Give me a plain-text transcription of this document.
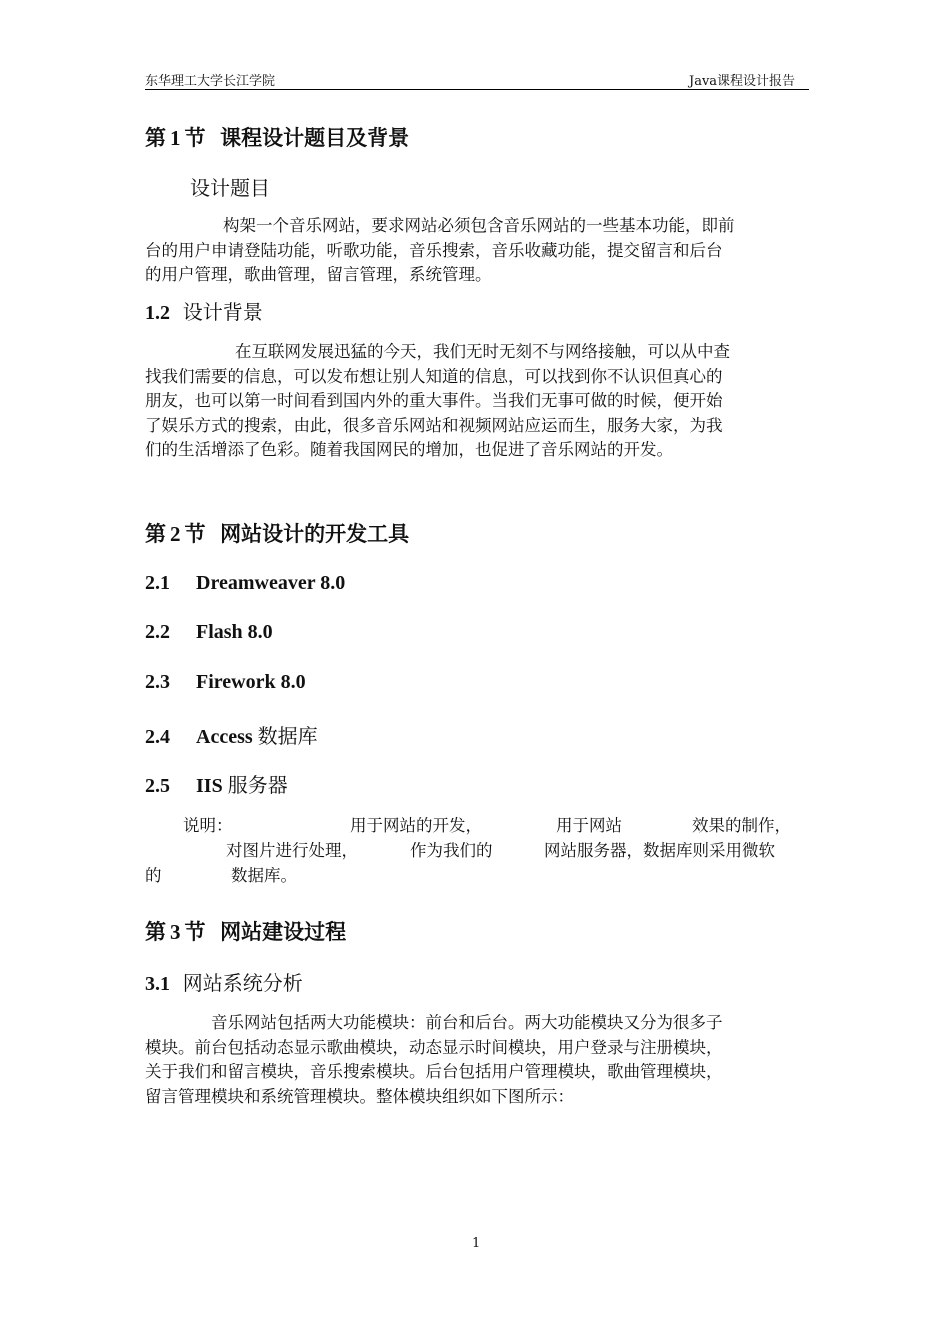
东华理工大学长江学院	Java课程设计报告
第 1 节 课程设计题目及背景
设计题目
构架一个音乐网站，要求网站必须包含音乐网站的一些基本功能，即前
台的用户申请登陆功能，听歌功能，音乐搜索，音乐收藏功能，提交留言和后台
的用户管理，歌曲管理，留言管理，系统管理。
1.2 设计背景
在互联网发展迅猛的今天，我们无时无刻不与网络接触，可以从中查
找我们需要的信息，可以发布想让别人知道的信息，可以找到你不认识但真心的
朋友，也可以第一时间看到国内外的重大事件。当我们无事可做的时候，便开始
了娱乐方式的搜索，由此，很多音乐网站和视频网站应运而生，服务大家，为我
们的生活增添了色彩。随着我国网民的增加，也促进了音乐网站的开发。
第 2 节 网站设计的开发工具
2.1 Dreamweaver 8.0
2.2 Flash 8.0
2.3 Firework 8.0
2.4 Access 数据库
2.5 IIS 服务器
说明：	用于网站的开发，	用于网站	效果的制作，
对图片进行处理，	作为我们的	网站服务器，数据库则采用微软
的	数据库。
第 3 节 网站建设过程
3.1 网站系统分析
音乐网站包括两大功能模块：前台和后台。两大功能模块又分为很多子
模块。前台包括动态显示歌曲模块，动态显示时间模块，用户登录与注册模块，
关于我们和留言模块，音乐搜索模块。后台包括用户管理模块，歌曲管理模块，
留言管理模块和系统管理模块。整体模块组织如下图所示：
1
